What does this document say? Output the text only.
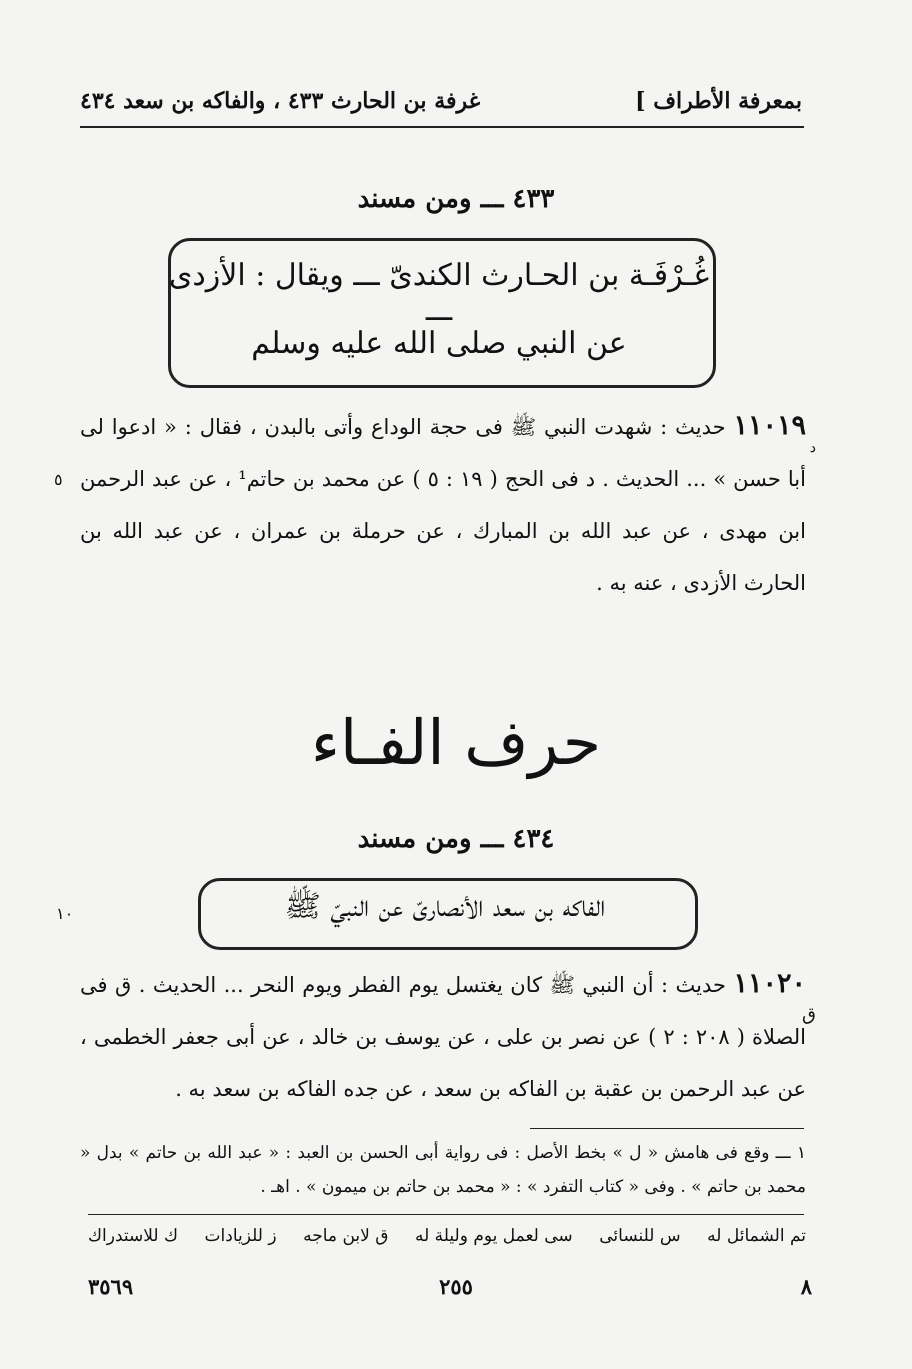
بمعرفة الأطراف ]
غرفة بن الحارث ٤٣٣ ، والفاكه بن سعد ٤٣٤
٤٣٣ ـــ ومن مسند
غُـرْفَـة بن الحـارث الكندىّ ـــ ويقال : الأزدى ـــ
عن النبي صلى الله عليه وسلم
١١٠١٩ حديث : شهدت النبي ﷺ فى حجة الوداع وأتى بالبدن ، فقال : « ادعوا لى أبا حسن » ... الحديث . د فى الحج ( ١٩ : ٥ ) عن محمد بن حاتم¹ ، عن عبد الرحمن ابن مهدى ، عن عبد الله بن المبارك ، عن حرملة بن عمران ، عن عبد الله بن الحارث الأزدى ، عنه به .
د
٥
حرف الفـاء
٤٣٤ ـــ ومن مسند
الفاكه بن سعد الأنصارىّ عن النبيّ ﷺ
١٠
١١٠٢٠ حديث : أن النبي ﷺ كان يغتسل يوم الفطر ويوم النحر ... الحديث . ق فى الصلاة ( ٢٠٨ : ٢ ) عن نصر بن على ، عن يوسف بن خالد ، عن أبى جعفر الخطمى ، عن عبد الرحمن بن عقبة بن الفاكه بن سعد ، عن جده الفاكه بن سعد به .
ق
١ ـــ وقع فى هامش « ل » بخط الأصل : فى رواية أبى الحسن بن العبد : « عبد الله بن حاتم » بدل « محمد بن حاتم » . وفى « كتاب التفرد » : « محمد بن حاتم بن ميمون » . اهـ .
تم الشمائل له
س للنسائى
سى لعمل يوم وليلة له
ق لابن ماجه
ز للزيادات
ك للاستدراك
٨
٢٥٥
٣٥٦٩
